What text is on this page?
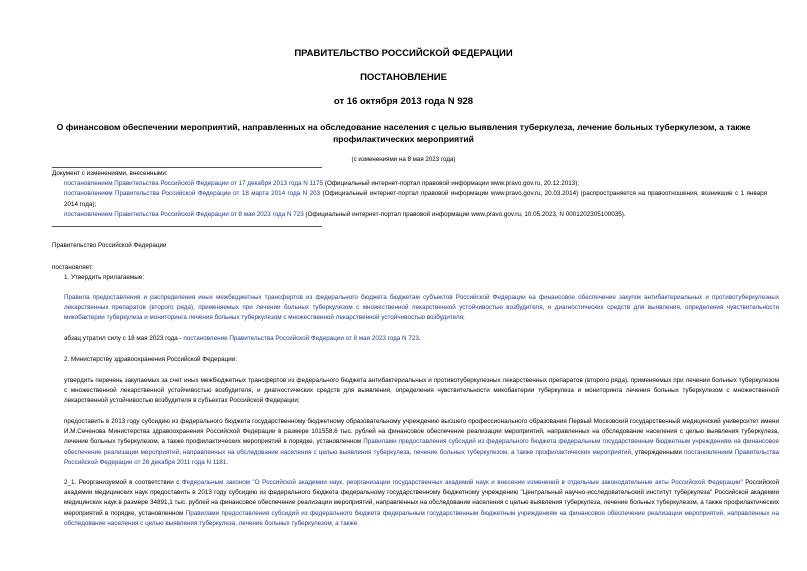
ПРАВИТЕЛЬСТВО РОССИЙСКОЙ ФЕДЕРАЦИИ
ПОСТАНОВЛЕНИЕ
от 16 октября 2013 года N 928
О финансовом обеспечении мероприятий, направленных на обследование населения с целью выявления туберкулеза, лечение больных туберкулезом, а также профилактических мероприятий
(с изменениями на 8 мая 2023 года)

Документ с изменениями, внесенными:

постановлением Правительства Российской Федерации от 17 декабря 2013 года N 1175 (Официальный интернет-портал правовой информации www.pravo.gov.ru, 20.12.2013);

постановлением Правительства Российской Федерации от 18 марта 2014 года N 203 (Официальный интернет-портал правовой информации www.pravo.gov.ru, 20.03.2014) (распространяется на правоотношения, возникшие с 1 января 2014 года);

постановлением Правительства Российской Федерации от 8 мая 2023 года N 723 (Официальный интернет-портал правовой информации www.pravo.gov.ru, 10.05.2023, N 0001202305100035).

Правительство Российской Федерации
постановляет:
1. Утвердить прилагаемые:
Правила предоставления и распределения иных межбюджетных трансфертов из федерального бюджета бюджетам субъектов Российской Федерации на финансовое обеспечение закупок антибактериальных и противотуберкулезных лекарственных препаратов (второго ряда), применяемых при лечении больных туберкулезом с множественной лекарственной устойчивостью возбудителя, и диагностических средств для выявления, определения чувствительности микобактерии туберкулеза и мониторинга лечения больных туберкулезом с множественной лекарственной устойчивостью возбудителя;
абзац утратил силу с 18 мая 2023 года - постановление Правительства Российской Федерации от 8 мая 2023 года N 723.
2. Министерству здравоохранения Российской Федерации:
утвердить перечень закупаемых за счет иных межбюджетных трансфертов из федерального бюджета антибактериальных и противотуберкулезных лекарственных препаратов (второго ряда), применяемых при лечении больных туберкулезом с множественной лекарственной устойчивостью возбудителя, и диагностических средств для выявления, определения чувствительности микобактерии туберкулеза и мониторинга лечения больных туберкулезом с множественной лекарственной устойчивостью возбудителя в субъектах Российской Федерации;
предоставить в 2013 году субсидию из федерального бюджета государственному бюджетному образовательному учреждению высшего профессионального образования Первый Московский государственный медицинский университет имени И.М.Сеченова Министерства здравоохранения Российской Федерации в размере 101558,6 тыс. рублей на финансовое обеспечение реализации мероприятий, направленных на обследование населения с целью выявления туберкулеза, лечение больных туберкулезом, а также профилактических мероприятий в порядке, установленном Правилами предоставления субсидий из федерального бюджета федеральным государственным бюджетным учреждениям на финансовое обеспечение реализации мероприятий, направленных на обследование населения с целью выявления туберкулеза, лечение больных туберкулезом, а также профилактических мероприятий, утвержденными постановлением Правительства Российской Федерации от 28 декабря 2011 года N 1181.
2_1. Реорганизуемой в соответствии с Федеральным законом "О Российской академии наук, реорганизации государственных академий наук и внесении изменений в отдельные законодательные акты Российской Федерации" Российской академии медицинских наук предоставить в 2013 году субсидию из федерального бюджета федеральному государственному бюджетному учреждению "Центральный научно-исследовательский институт туберкулеза" Российской академии медицинских наук в размере 34891,1 тыс. рублей на финансовое обеспечение реализации мероприятий, направленных на обследование населения с целью выявления туберкулеза, лечение больных туберкулезом, а также профилактических мероприятий в порядке, установленном Правилами предоставления субсидий из федерального бюджета федеральным государственным бюджетным учреждениям на финансовое обеспечение реализации мероприятий, направленных на обследование населения с целью выявления туберкулеза, лечение больных туберкулезом, а также
